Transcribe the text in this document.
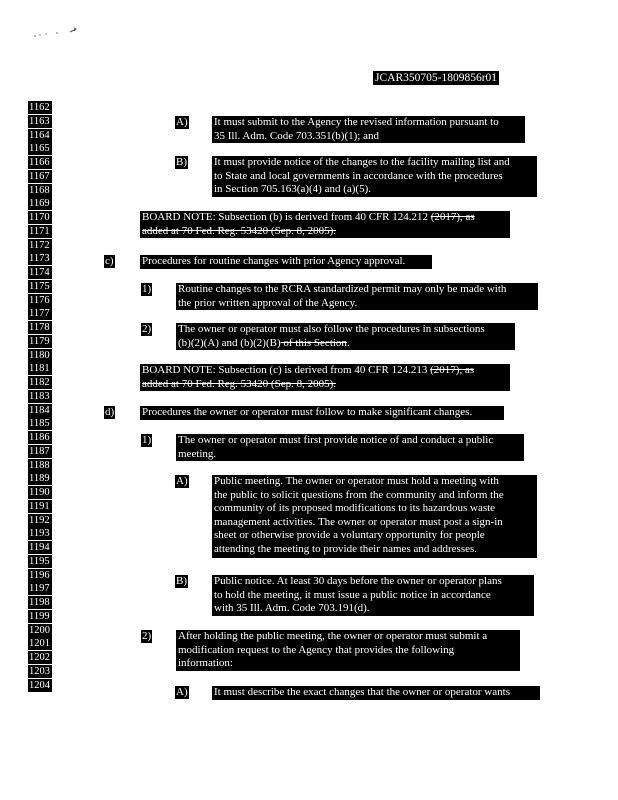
JCAR350705-1809856r01
1162
1163
1164
1165
1166
1167
1168
1169
1170
1171
1172
1173
1174
1175
1176
1177
1178
1179
1180
1181
1182
1183
1184
1185
1186
1187
1188
1189
1190
1191
1192
1193
1194
1195
1196
1197
1198
1199
1200
1201
1202
1203
1204
A) It must submit to the Agency the revised information pursuant to
35 Ill. Adm. Code 703.351(b)(1); and
B) It must provide notice of the changes to the facility mailing list and
to State and local governments in accordance with the procedures
in Section 705.163(a)(4) and (a)(5).
BOARD NOTE: Subsection (b) is derived from 40 CFR 124.212 (2017), as
added at 70 Fed. Reg. 53420 (Sep. 8, 2005).
c)	Procedures for routine changes with prior Agency approval.
1) Routine changes to the RCRA standardized permit may only be made with
the prior written approval of the Agency.
2) The owner or operator must also follow the procedures in subsections
(b)(2)(A) and (b)(2)(B) of this Section.
BOARD NOTE: Subsection (c) is derived from 40 CFR 124.213 (2017), as
added at 70 Fed. Reg. 53420 (Sep. 8, 2005).
d)	Procedures the owner or operator must follow to make significant changes.
1) The owner or operator must first provide notice of and conduct a public
meeting.
A) Public meeting. The owner or operator must hold a meeting with
the public to solicit questions from the community and inform the
community of its proposed modifications to its hazardous waste
management activities. The owner or operator must post a sign-in
sheet or otherwise provide a voluntary opportunity for people
attending the meeting to provide their names and addresses.
B) Public notice. At least 30 days before the owner or operator plans
to hold the meeting, it must issue a public notice in accordance
with 35 Ill. Adm. Code 703.191(d).
2) After holding the public meeting, the owner or operator must submit a
modification request to the Agency that provides the following
information:
A) It must describe the exact changes that the owner or operator wants
